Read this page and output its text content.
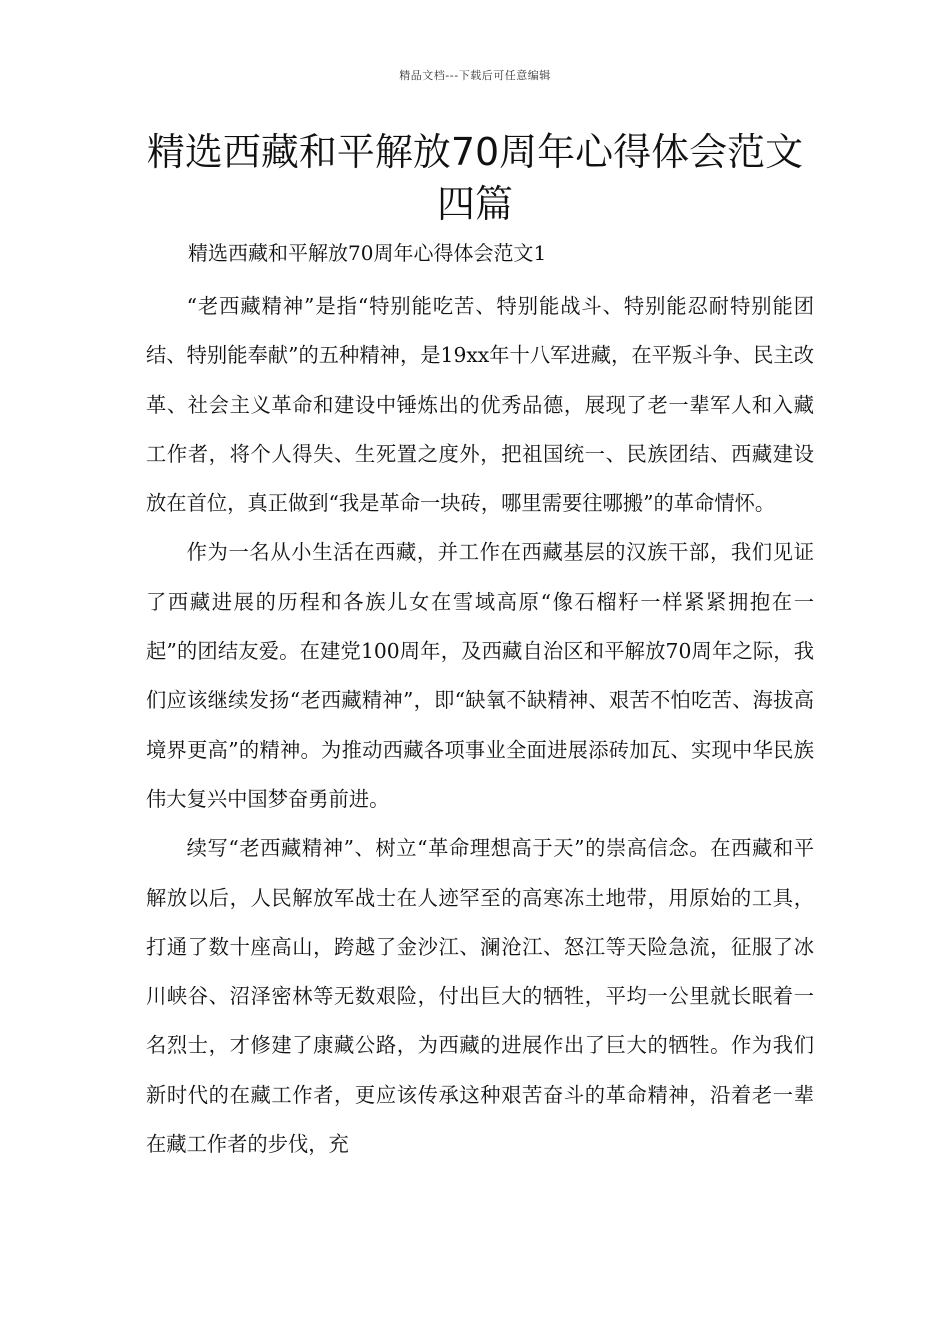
精品文档---下载后可任意编辑
精选西藏和平解放70周年心得体会范文四篇
精选西藏和平解放70周年心得体会范文1

“老西藏精神”是指“特别能吃苦、特别能战斗、特别能忍耐特别能团结、特别能奉献”的五种精神，是19xx年十八军进藏，在平叛斗争、民主改革、社会主义革命和建设中锤炼出的优秀品德，展现了老一辈军人和入藏工作者，将个人得失、生死置之度外，把祖国统一、民族团结、西藏建设放在首位，真正做到“我是革命一块砖，哪里需要往哪搬”的革命情怀。

作为一名从小生活在西藏，并工作在西藏基层的汉族干部，我们见证了西藏进展的历程和各族儿女在雪域高原“像石榴籽一样紧紧拥抱在一起”的团结友爱。在建党100周年，及西藏自治区和平解放70周年之际，我们应该继续发扬“老西藏精神”，即“缺氧不缺精神、艰苦不怕吃苦、海拔高境界更高”的精神。为推动西藏各项事业全面进展添砖加瓦、实现中华民族伟大复兴中国梦奋勇前进。

续写“老西藏精神”、树立“革命理想高于天”的崇高信念。在西藏和平解放以后，人民解放军战士在人迹罕至的高寒冻土地带，用原始的工具，打通了数十座高山，跨越了金沙江、澜沧江、怒江等天险急流，征服了冰川峡谷、沼泽密林等无数艰险，付出巨大的牺牲，平均一公里就长眠着一名烈士，才修建了康藏公路，为西藏的进展作出了巨大的牺牲。作为我们新时代的在藏工作者，更应该传承这种艰苦奋斗的革命精神，沿着老一辈在藏工作者的步伐，充
